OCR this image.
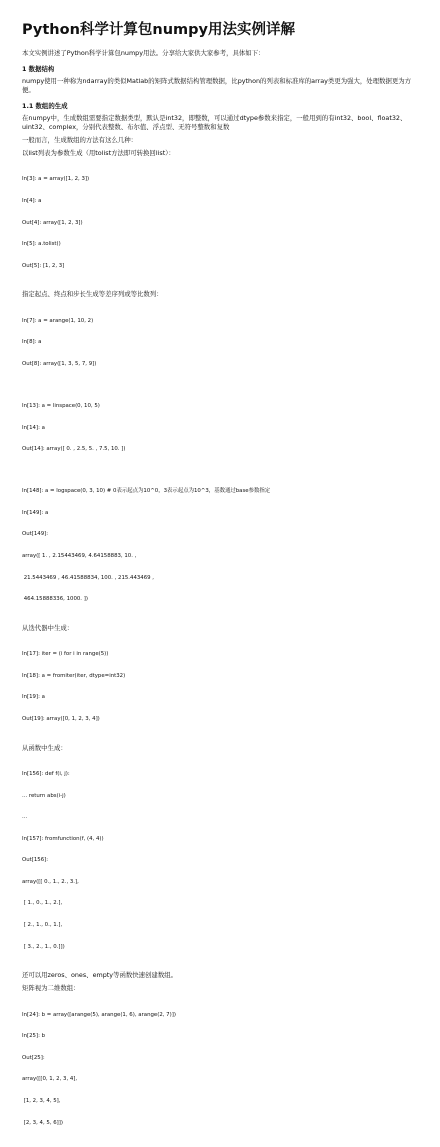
Python科学计算包numpy用法实例详解

本文实例讲述了Python科学计算包numpy用法。分享给大家供大家参考，具体如下：

1 数据结构

numpy使用一种称为ndarray的类似Matlab的矩阵式数据结构管理数据，比python的列表和标准库的array类更为强大，处理数据更为方便。

1.1 数组的生成

在numpy中，生成数组需要指定数据类型，默认是int32，即整数，可以通过dtype参数来指定，一般用到的有int32、bool、float32、uint32、complex，分别代表整数、布尔值、浮点型、无符号整数和复数

一般而言，生成数组的方法有这么几种：

以list列表为参数生成（用tolist方法即可转换回list）：

In[3]: a = array([1, 2, 3])

In[4]: a

Out[4]: array([1, 2, 3])

In[5]: a.tolist()

Out[5]: [1, 2, 3]

指定起点、终点和步长生成等差序列或等比数列：

In[7]: a = arange(1, 10, 2)

In[8]: a

Out[8]: array([1, 3, 5, 7, 9])

In[13]: a = linspace(0, 10, 5)

In[14]: a

Out[14]: array([ 0. , 2.5, 5. , 7.5, 10. ])

In[148]: a = logspace(0, 3, 10) # 0表示起点为10^0，3表示起点为10^3，基数通过base参数指定

In[149]: a

Out[149]:

array([ 1. , 2.15443469, 4.64158883, 10. ,

21.5443469 , 46.41588834, 100. , 215.443469 ,

464.15888336, 1000. ])

从迭代器中生成：

In[17]: iter = (i for i in range(5))

In[18]: a = fromiter(iter, dtype=int32)

In[19]: a

Out[19]: array([0, 1, 2, 3, 4])

从函数中生成：

In[156]: def f(i, j):

... return abs(i-j)

...

In[157]: fromfunction(f, (4, 4))

Out[156]:

array([[ 0., 1., 2., 3.],

[ 1., 0., 1., 2.],

[ 2., 1., 0., 1.],

[ 3., 2., 1., 0.]])

还可以用zeros、ones、empty等函数快速创建数组。

矩阵视为二维数组：

In[24]: b = array([arange(5), arange(1, 6), arange(2, 7)])

In[25]: b

Out[25]:

array([[0, 1, 2, 3, 4],

[1, 2, 3, 4, 5],

[2, 3, 4, 5, 6]])
